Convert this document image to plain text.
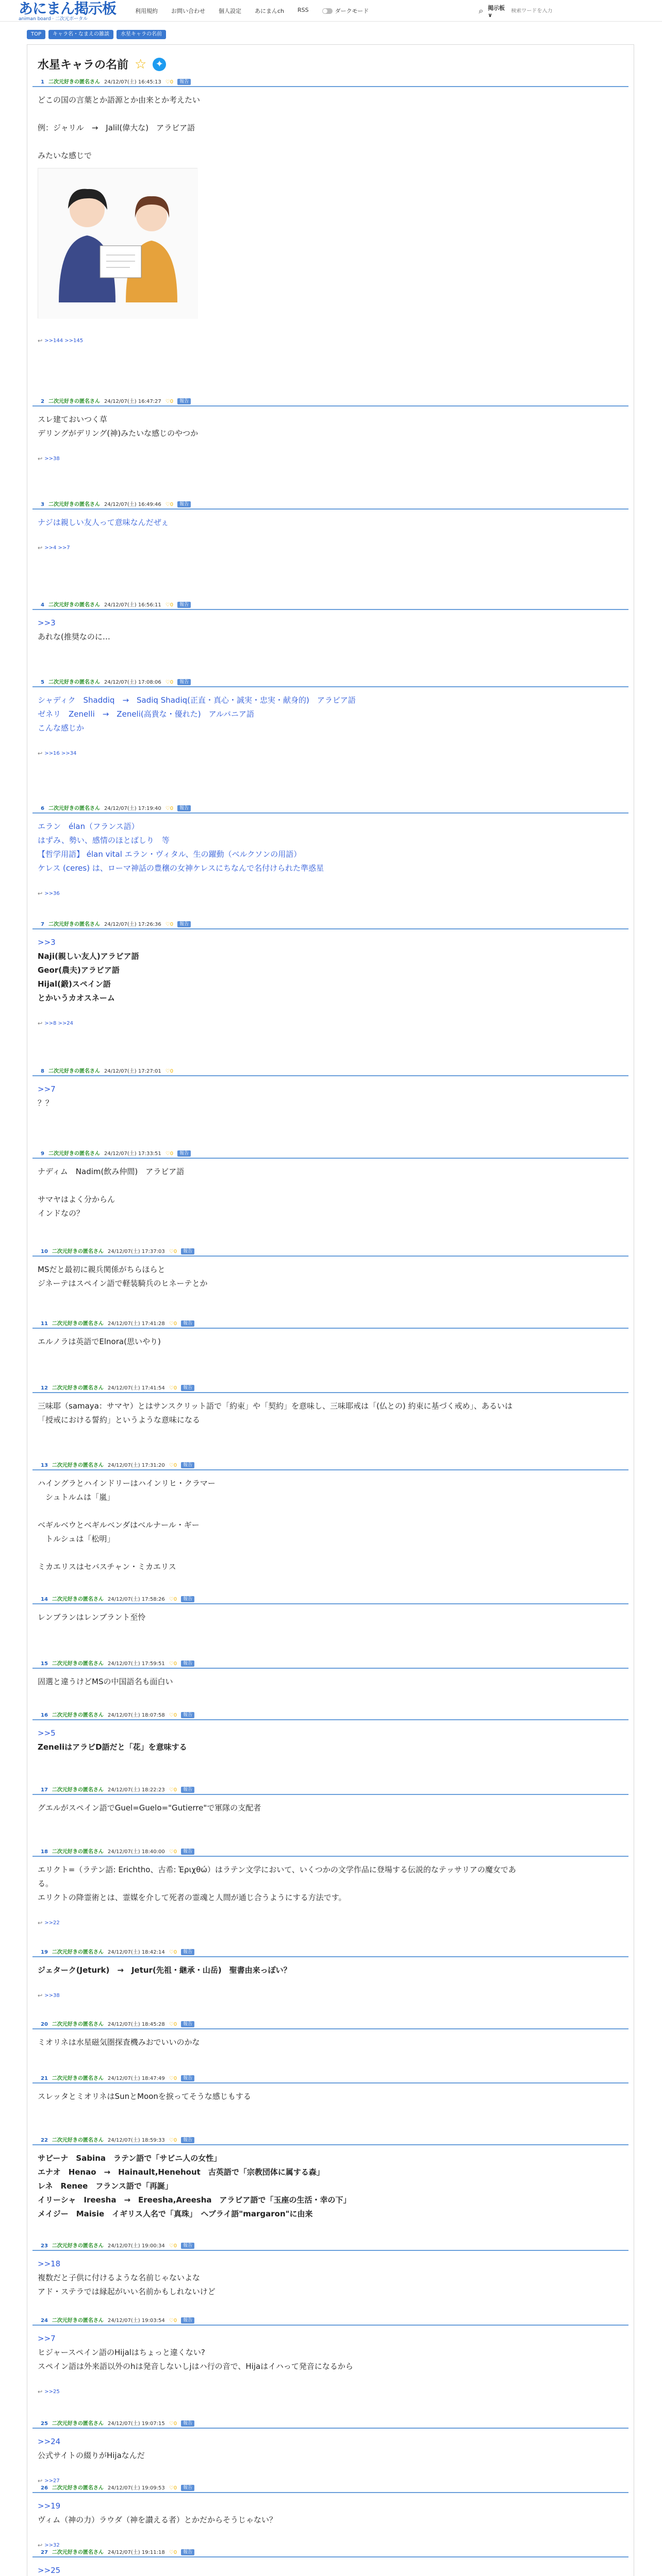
あにまん掲示板
animan board · 二次元ポータル
利用規約 お問い合わせ 個人設定 あにまんch RSS	ダークモード	⌕ 掲示板 ∨
検索ワードを入力
TOP	キャラ名・なまえの雑談	水星キャラの名前
水星キャラの名前 ☆ ✦
1 二次元好きの匿名さん 24/12/07(土) 16:45:13 ♡0	報告
どこの国の言葉とか語源とか由来とか考えたい

例：ジャリル　→　Jalil(偉大な)　アラビア語

みたいな感じで
↩ >>144 >>145
2 二次元好きの匿名さん 24/12/07(土) 16:47:27 ♡0	報告
スレ建ておいつく草
デリングがデリング(神)みたいな感じのやつか
↩ >>38
3 二次元好きの匿名さん 24/12/07(土) 16:49:46 ♡0	報告
ナジは親しい友人って意味なんだぜぇ
↩ >>4 >>7
4 二次元好きの匿名さん 24/12/07(土) 16:56:11 ♡0	報告
>>3
あれな(推奨なのに…
5 二次元好きの匿名さん 24/12/07(土) 17:08:06 ♡0	報告
シャディク　Shaddiq　→　Sadiq Shadiq(正直・真心・誠実・忠実・献身的)　アラビア語
ゼネリ　Zenelli　→　Zeneli(高貴な・優れた)　アルバニア語
こんな感じか
↩ >>16 >>34
6 二次元好きの匿名さん 24/12/07(土) 17:19:40 ♡0	報告
エラン　élan（フランス語）
はずみ、勢い、感情のほとばしり　等
【哲学用語】 élan vital エラン・ヴィタル、生の躍動（ベルクソンの用語）
ケレス (ceres) は、ローマ神話の豊穣の女神ケレスにちなんで名付けられた準惑星
↩ >>36
7 二次元好きの匿名さん 24/12/07(土) 17:26:36 ♡0	報告
>>3
Naji(親しい友人)アラビア語
Geor(農夫)アラビア語
Hijal(鍛)スペイン語
とかいうカオスネーム
↩ >>8 >>24
8 二次元好きの匿名さん 24/12/07(土) 17:27:01 ♡0
>>7
？？
9 二次元好きの匿名さん 24/12/07(土) 17:33:51 ♡0	報告
ナディム　Nadim(飲み仲間)　アラビア語

サマヤはよく分からん
インドなの？
10 二次元好きの匿名さん 24/12/07(土) 17:37:03 ♡0	報告
MSだと最初に親兵関係がちらほらと
ジネーテはスペイン語で軽装騎兵のヒネーテとか
11 二次元好きの匿名さん 24/12/07(土) 17:41:28 ♡0	報告
エルノラは英語でElnora(思いやり)
12 二次元好きの匿名さん 24/12/07(土) 17:41:54 ♡0	報告
三味耶（samaya：サマヤ）とはサンスクリット語で「約束」や「契約」を意味し、三味耶戒は「(仏との) 約束に基づく戒め」、あるいは
「授戒における誓約」というような意味になる
13 二次元好きの匿名さん 24/12/07(土) 17:31:20 ♡0	報告
ハイングラとハインドリーはハインリヒ・クラマー
　シュトルムは「嵐」

ベギルベウとベギルベンダはベルナール・ギー
　トルシュは「松明」

ミカエリスはセバスチャン・ミカエリス
14 二次元好きの匿名さん 24/12/07(土) 17:58:26 ♡0	報告
レンブランはレンブラント至怜
15 二次元好きの匿名さん 24/12/07(土) 17:59:51 ♡0	報告
固選と違うけどMSの中国語名も面白い
16 二次元好きの匿名さん 24/12/07(土) 18:07:58 ♡0	報告
>>5
ZeneliはアラビD語だと「花」を意味する
17 二次元好きの匿名さん 24/12/07(土) 18:22:23 ♡0	報告
グエルがスペイン語でGuel=Guelo="Gutierre"で軍隊の支配者
18 二次元好きの匿名さん 24/12/07(土) 18:40:00 ♡0	報告
エリクト=（ラテン語: Erichtho、古希: Ἐριχθώ）はラテン文学において、いくつかの文学作品に登場する伝説的なテッサリアの魔女であ
る。
エリクトの降霊術とは、霊媒を介して死者の霊魂と人間が通じ合うようにする方法です。
↩ >>22
19 二次元好きの匿名さん 24/12/07(土) 18:42:14 ♡0	報告
ジェターク(Jeturk)　→　Jetur(先祖・継承・山岳)　聖書由来っぽい？
↩ >>38
20 二次元好きの匿名さん 24/12/07(土) 18:45:28 ♡0	報告
ミオリネは水星磁気圏探査機みおでいいのかな
21 二次元好きの匿名さん 24/12/07(土) 18:47:49 ♡0	報告
スレッタとミオリネはSunとMoonを捩ってそうな感じもする
22 二次元好きの匿名さん 24/12/07(土) 18:59:33 ♡0	報告
サビーナ　Sabina　ラテン語で「サビニ人の女性」
エナオ　Henao　→　Hainault,Henehout　古英語で「宗教団体に属する森」
レネ　Renee　フランス語で「再誕」
イリーシャ　Ireesha　→　Ereesha,Areesha　アラビア語で「玉座の生活・幸の下」
メイジー　Maisie　イギリス人名で「真珠」　ヘブライ語"margaron"に由来
23 二次元好きの匿名さん 24/12/07(土) 19:00:34 ♡0	報告
>>18
複数だと子供に付けるような名前じゃないよな
アド・ステラでは縁起がいい名前かもしれないけど
24 二次元好きの匿名さん 24/12/07(土) 19:03:54 ♡0	報告
>>7
ヒジャースペイン語のHijalはちょっと違くない?
スペイン語は外来語以外のhは発音しないしjはハ行の音で、Hijaはイハって発音になるから
↩ >>25
25 二次元好きの匿名さん 24/12/07(土) 19:07:15 ♡0	報告
>>24
公式サイトの綴りがHijaなんだ
↩ >>27
26 二次元好きの匿名さん 24/12/07(土) 19:09:53 ♡0	報告
>>19
ヴィム（神の力）ラウダ（神を讃える者）とかだからそうじゃない？
↩ >>32
27 二次元好きの匿名さん 24/12/07(土) 19:11:18 ♡0	報告
>>25
